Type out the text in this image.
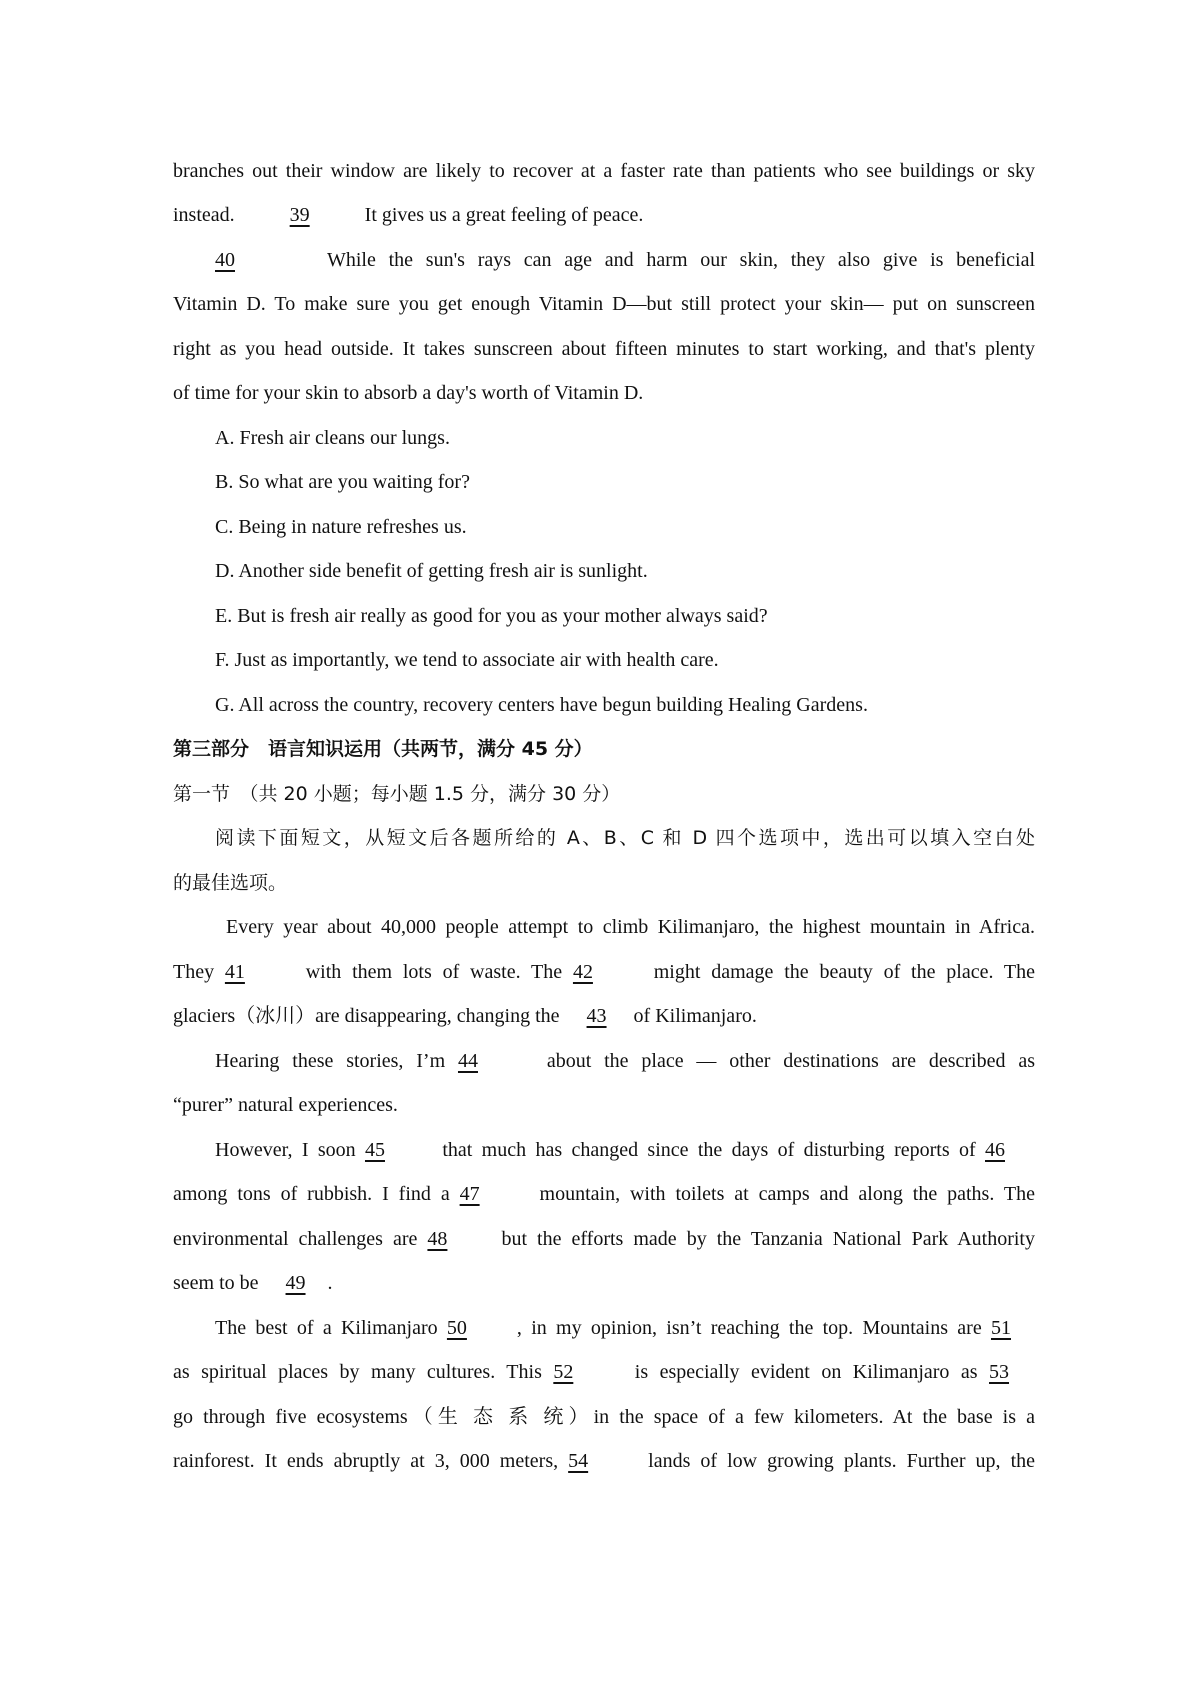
branches out their window are likely to recover at a faster rate than patients who see buildings or sky
instead.	39	It gives us a great feeling of peace.
40	While the sun's rays can age and harm our skin, they also give is beneficial
Vitamin D. To make sure you get enough Vitamin D—but still protect your skin— put on sunscreen
right as you head outside. It takes sunscreen about fifteen minutes to start working, and that's plenty
of time for your skin to absorb a day's worth of Vitamin D.
A. Fresh air cleans our lungs.
B. So what are you waiting for?
C. Being in nature refreshes us.
D. Another side benefit of getting fresh air is sunlight.
E. But is fresh air really as good for you as your mother always said?
F. Just as importantly, we tend to associate air with health care.
G. All across the country, recovery centers have begun building Healing Gardens.
第三部分　语言知识运用（共两节，满分 45 分）
第一节　（共 20 小题；每小题 1.5 分，满分 30 分）
阅读下面短文，从短文后各题所给的 A、B、C 和 D 四个选项中，选出可以填入空白处
的最佳选项。
Every year about 40,000 people attempt to climb Kilimanjaro, the highest mountain in Africa.
They 41	with them lots of waste. The 42	might damage the beauty of the place. The
glaciers（冰川）are disappearing, changing the 43 of Kilimanjaro.
Hearing these stories, I’m 44	about the place — other destinations are described as
“purer” natural experiences.
However, I soon 45 that much has changed since the days of disturbing reports of 46
among tons of rubbish. I find a 47	mountain, with toilets at camps and along the paths. The
environmental challenges are 48 but the efforts made by the Tanzania National Park Authority
seem to be 49 .
The best of a Kilimanjaro 50	, in my opinion, isn’t reaching the top. Mountains are 51
as spiritual places by many cultures. This 52	is especially evident on Kilimanjaro as 53
go through five ecosystems（生 态 系 统）in the space of a few kilometers. At the base is a
rainforest. It ends abruptly at 3, 000 meters, 54	lands of low growing plants. Further up, the
